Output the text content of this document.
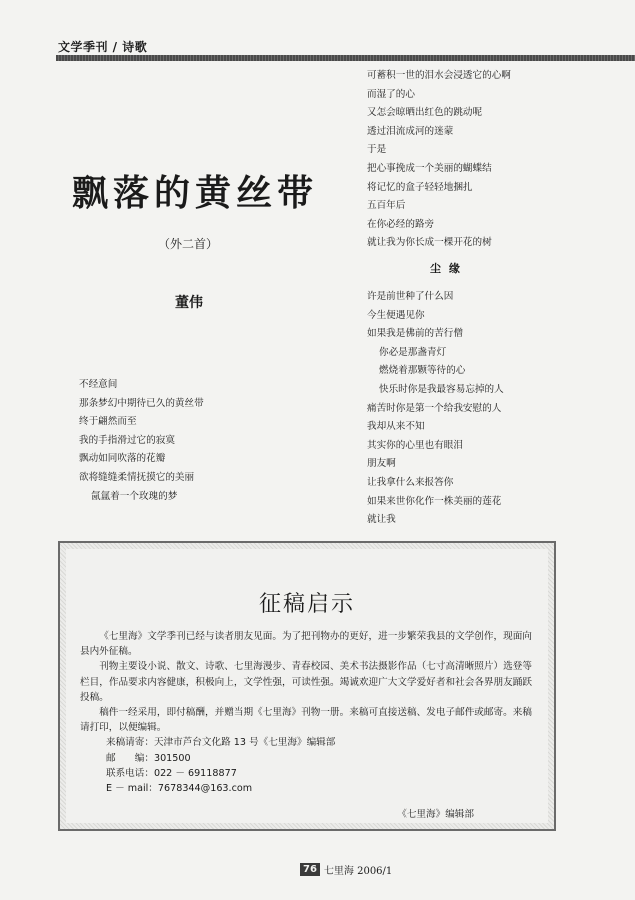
文学季刊 / 诗歌
飘落的黄丝带
（外二首）
董伟
可蓄积一世的泪水会浸透它的心啊
而湿了的心
又怎会晾晒出红色的跳动呢
透过泪流成河的迷蒙
于是
把心事挽成一个美丽的蝴蝶结
将记忆的盒子轻轻地捆扎
五百年后
在你必经的路旁
就让我为你长成一棵开花的树
不经意间
那条梦幻中期待已久的黄丝带
终于翩然而至
我的手指滑过它的寂寞
飘动如同吹落的花瓣
欲将缝缝柔情抚摸它的美丽
氤氲着一个玫瑰的梦
尘 缘
许是前世种了什么因
今生便遇见你
如果我是佛前的苦行僧
你必是那盏青灯
燃烧着那颗等待的心
快乐时你是我最容易忘掉的人
痛苦时你是第一个给我安慰的人
我却从来不知
其实你的心里也有眼泪
朋友啊
让我拿什么来报答你
如果来世你化作一株美丽的莲花
就让我
征稿启示

《七里海》文学季刊已经与读者朋友见面。为了把刊物办的更好，进一步繁荣我县的文学创作，现面向县内外征稿。

刊物主要设小说、散文、诗歌、七里海漫步、青春校园、美术书法摄影作品（七寸高清晰照片）选登等栏目，作品要求内容健康，积极向上，文学性强，可读性强。竭诚欢迎广大文学爱好者和社会各界朋友踊跃投稿。

稿件一经采用，即付稿酬，并赠当期《七里海》刊物一册。来稿可直接送稿、发电子邮件或邮寄。来稿请打印，以便编辑。

来稿请寄：天津市芦台文化路 13 号《七里海》编辑部
邮　　编：301500
联系电话：022 － 69118877
E － mail：7678344@163.com
《七里海》编辑部
76 七里海 2006/1
